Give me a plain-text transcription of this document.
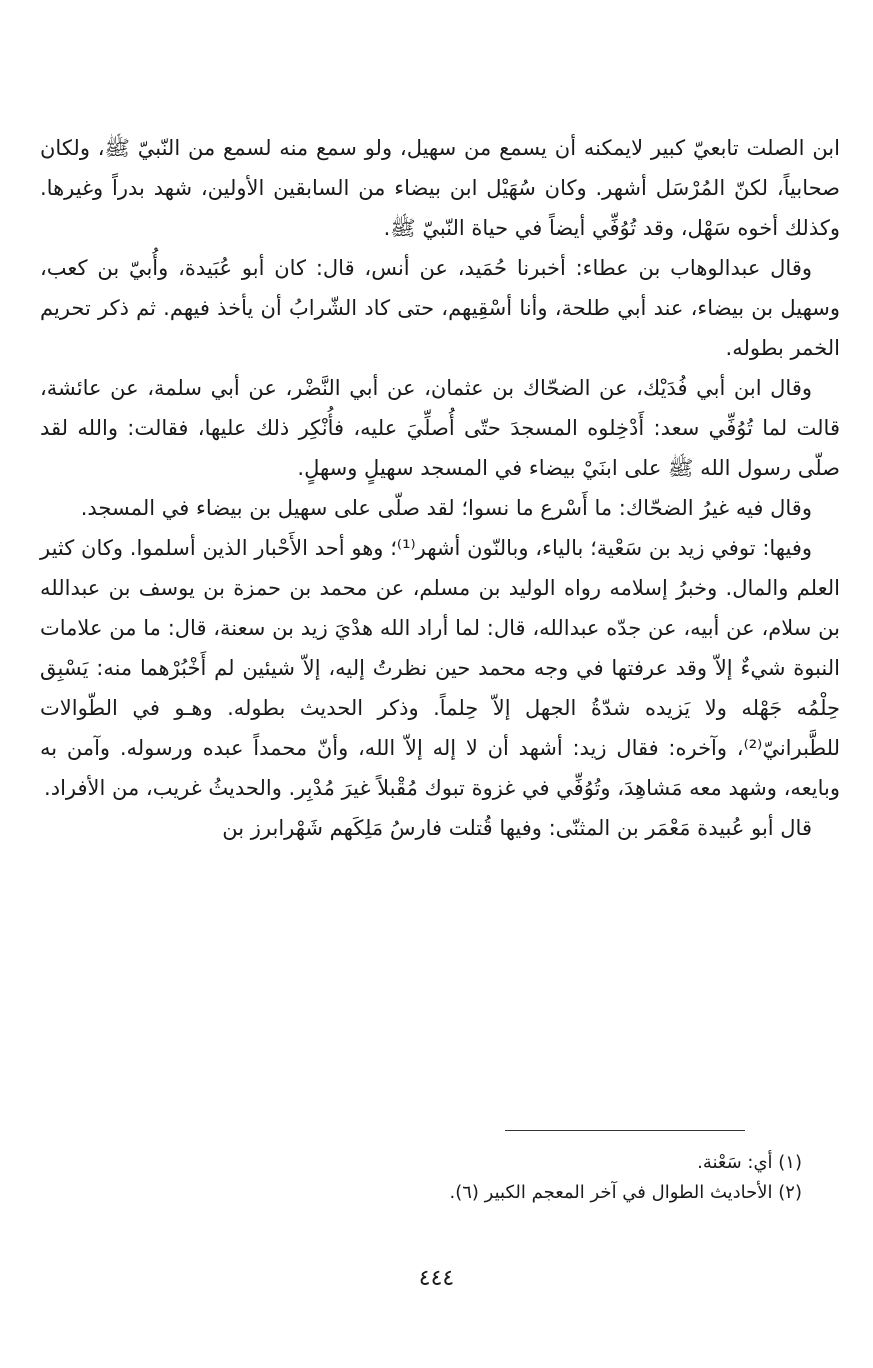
ابن الصلت تابعيّ كبير لايمكنه أن يسمع من سهيل، ولو سمع منه لسمع من النّبيّ ﷺ، ولكان صحابياً، لكنّ المُرْسَل أشهر. وكان سُهَيْل ابن بيضاء من السابقين الأولين، شهد بدراً وغيرها. وكذلك أخوه سَهْل، وقد تُوُفِّي أيضاً في حياة النّبيّ ﷺ.

وقال عبدالوهاب بن عطاء: أخبرنا حُمَيد، عن أنس، قال: كان أبو عُبَيدة، وأُبيّ بن كعب، وسهيل بن بيضاء، عند أبي طلحة، وأنا أسْقِيهم، حتى كاد الشّرابُ أن يأخذ فيهم. ثم ذكر تحريم الخمر بطوله.

وقال ابن أبي فُدَيْك، عن الضحّاك بن عثمان، عن أبي النَّضْر، عن أبي سلمة، عن عائشة، قالت لما تُوُفِّي سعد: أَدْخِلوه المسجدَ حتّى أُصلِّيَ عليه، فأُنْكِر ذلك عليها، فقالت: والله لقد صلّى رسول الله ﷺ على ابنَيْ بيضاء في المسجد سهيلٍ وسهلٍ.

وقال فيه غيرُ الضحّاك: ما أَسْرع ما نسوا؛ لقد صلّى على سهيل بن بيضاء في المسجد.

وفيها: توفي زيد بن سَعْية؛ بالياء، وبالنّون أشهر⁽¹⁾؛ وهو أحد الأَحْبار الذين أسلموا. وكان كثير العلم والمال. وخبرُ إسلامه رواه الوليد بن مسلم، عن محمد بن حمزة بن يوسف بن عبدالله بن سلام، عن أبيه، عن جدّه عبدالله، قال: لما أراد الله هدْيَ زيد بن سعنة، قال: ما من علامات النبوة شيءٌ إلاّ وقد عرفتها في وجه محمد حين نظرتُ إليه، إلاّ شيئين لم أَخْبُرْهما منه: يَسْبِق حِلْمُه جَهْله ولا يَزيده شدّةُ الجهل إلاّ حِلماً. وذكر الحديث بطوله. وهـو في الطّوالات للطَّبرانيّ⁽²⁾، وآخره: فقال زيد: أشهد أن لا إله إلاّ الله، وأنّ محمداً عبده ورسوله. وآمن به وبايعه، وشهد معه مَشاهِدَ، وتُوُفِّي في غزوة تبوك مُقْبلاً غيرَ مُدْبِر. والحديثُ غريب، من الأفراد.

قال أبو عُبيدة مَعْمَر بن المثنّى: وفيها قُتلت فارسُ مَلِكَهم شَهْرابرز بن

(١) أي: سَعْنة.

(٢) الأحاديث الطوال في آخر المعجم الكبير (٦).

٤٤٤
